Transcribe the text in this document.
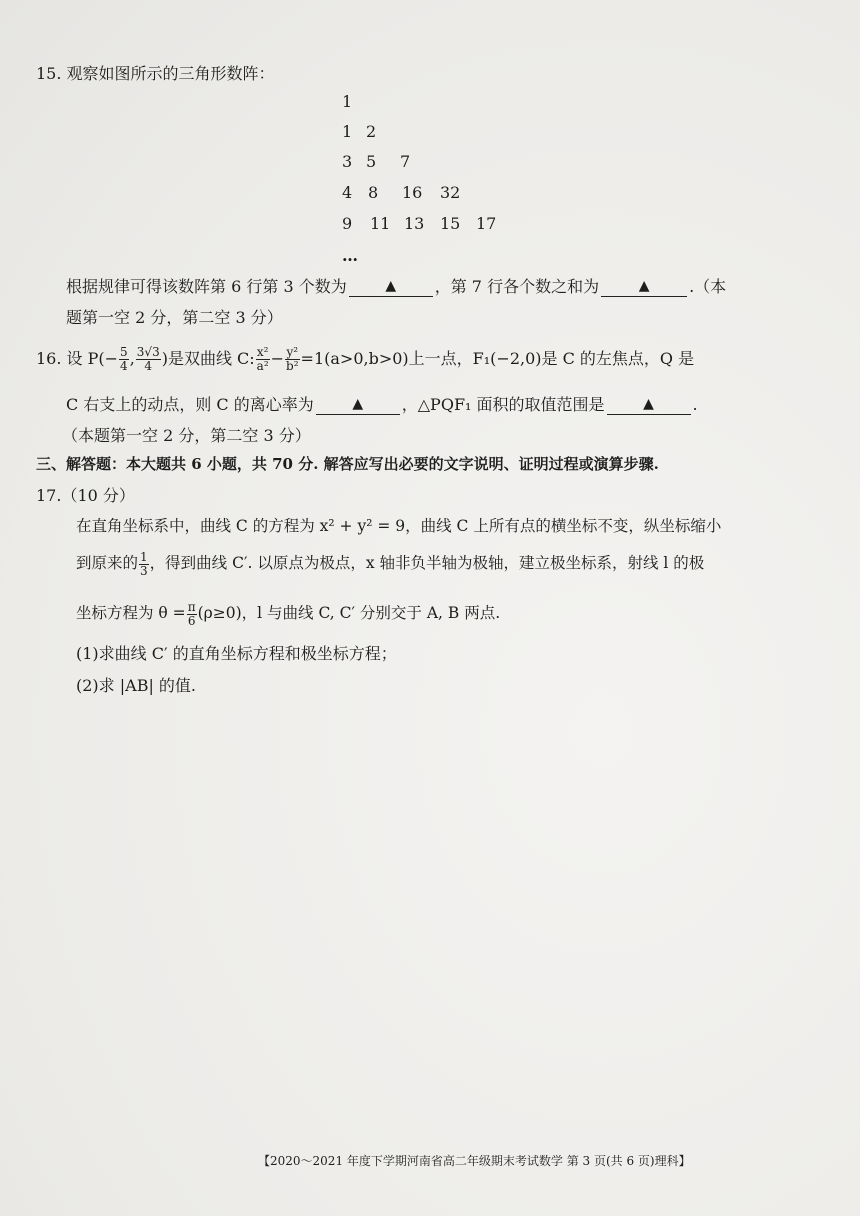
15. 观察如图所示的三角形数阵：
1
1 2
3 5 7
4 8 16 32
9 11 13 15 17
…
根据规律可得该数阵第 6 行第 3 个数为	▲ ，第 7 行各个数之和为	▲ .（本
题第一空 2 分，第二空 3 分）
16. 设 $P(- \frac{5}{4}$ , $\frac{3√3}{4}$ )是双曲线 C: $\frac{\text{x²}}{\text{a²}} - \frac{\text{y²}}{\text{b²}} =1(a>0,b>0)$上一点，F₁(−2,0)是 C 的左焦点，Q 是
C 右支上的动点，则 C 的离心率为	▲ ，△PQF₁ 面积的取值范围是	▲ .
（本题第一空 2 分，第二空 3 分）
三、解答题：本大题共 6 小题，共 70 分. 解答应写出必要的文字说明、证明过程或演算步骤.
17.（10 分）
在直角坐标系中，曲线 C 的方程为 x² + y² = 9，曲线 C 上所有点的横坐标不变，纵坐标缩小
到原来的 $\frac{1}{3}$ ，得到曲线 C′. 以原点为极点，x 轴非负半轴为极轴，建立极坐标系，射线 l 的极
坐标方程为 $\theta = \frac{\pi}{6} (\rho\ge 0)$，l 与曲线 C, C′ 分别交于 A, B 两点.
(1)求曲线 C′ 的直角坐标方程和极坐标方程；
(2)求 |AB| 的值.
【2020～2021 年度下学期河南省高二年级期末考试数学 第 3 页(共 6 页)理科】
